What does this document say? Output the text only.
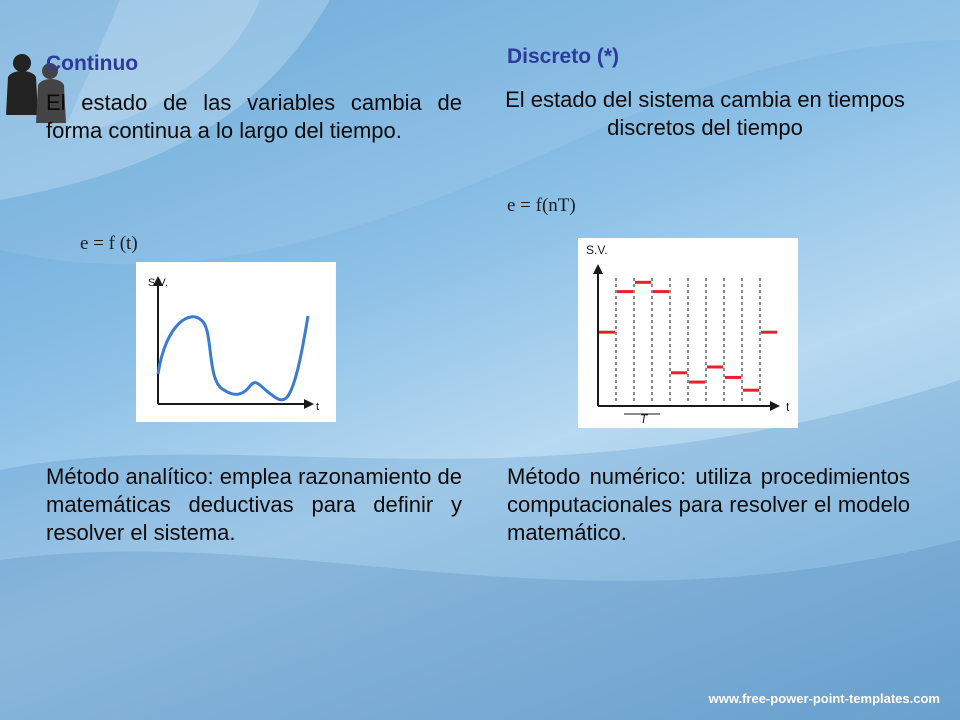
Continuo

El estado de las variables cambia de forma continua a lo largo del tiempo.

e = f (t)

S.V.
t

Método analítico: emplea razonamiento de matemáticas deductivas para definir y resolver el sistema.

Discreto (*)

El estado del sistema cambia en tiempos discretos del tiempo

e = f(nT)

S.V.
t
T

Método numérico: utiliza procedimientos computacionales para resolver el modelo matemático.

www.free-power-point-templates.com
